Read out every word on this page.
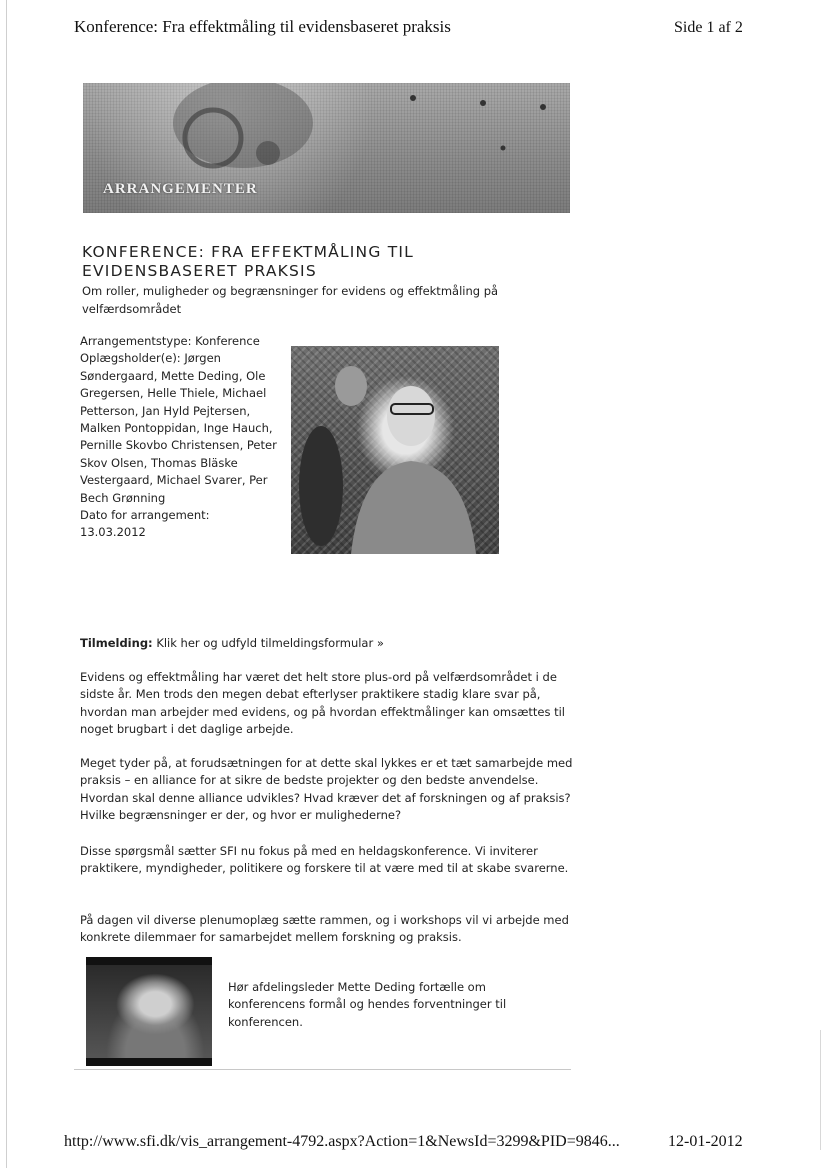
Konference: Fra effektmåling til evidensbaseret praksis	Side 1 af 2
ARRANGEMENTER
KONFERENCE: FRA EFFEKTMÅLING TIL EVIDENSBASERET PRAKSIS
Om roller, muligheder og begrænsninger for evidens og effektmåling på velfærdsområdet
Arrangementstype: Konference
Oplægsholder(e): Jørgen Søndergaard, Mette Deding, Ole Gregersen, Helle Thiele, Michael Petterson, Jan Hyld Pejtersen, Malken Pontoppidan, Inge Hauch, Pernille Skovbo Christensen, Peter Skov Olsen, Thomas Bläske Vestergaard, Michael Svarer, Per Bech Grønning
Dato for arrangement:
13.03.2012
Tilmelding: Klik her og udfyld tilmeldingsformular »
Evidens og effektmåling har været det helt store plus-ord på velfærdsområdet i de sidste år. Men trods den megen debat efterlyser praktikere stadig klare svar på, hvordan man arbejder med evidens, og på hvordan effektmålinger kan omsættes til noget brugbart i det daglige arbejde.
Meget tyder på, at forudsætningen for at dette skal lykkes er et tæt samarbejde med praksis – en alliance for at sikre de bedste projekter og den bedste anvendelse. Hvordan skal denne alliance udvikles? Hvad kræver det af forskningen og af praksis? Hvilke begrænsninger er der, og hvor er mulighederne?
Disse spørgsmål sætter SFI nu fokus på med en heldagskonference. Vi inviterer praktikere, myndigheder, politikere og forskere til at være med til at skabe svarerne.
På dagen vil diverse plenumoplæg sætte rammen, og i workshops vil vi arbejde med konkrete dilemmaer for samarbejdet mellem forskning og praksis.
Hør afdelingsleder Mette Deding fortælle om konferencens formål og hendes forventninger til konferencen.
http://www.sfi.dk/vis_arrangement-4792.aspx?Action=1&NewsId=3299&PID=9846...	12-01-2012
